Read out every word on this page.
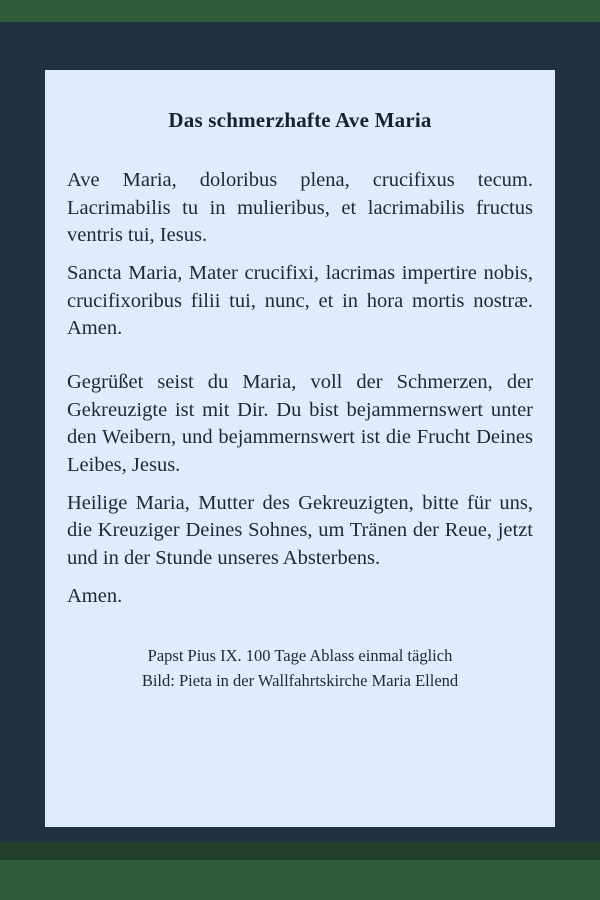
Das schmerzhafte Ave Maria

Ave Maria, doloribus plena, crucifixus tecum. Lacrimabilis tu in mulieribus, et lacrimabilis fructus ventris tui, Iesus.

Sancta Maria, Mater crucifixi, lacrimas impertire nobis, crucifixoribus filii tui, nunc, et in hora mortis nostræ. Amen.

Gegrüßet seist du Maria, voll der Schmerzen, der Gekreuzigte ist mit Dir. Du bist bejammernswert unter den Weibern, und bejammernswert ist die Frucht Deines Leibes, Jesus.

Heilige Maria, Mutter des Gekreuzigten, bitte für uns, die Kreuziger Deines Sohnes, um Tränen der Reue, jetzt und in der Stunde unseres Absterbens.

Amen.

Papst Pius IX. 100 Tage Ablass einmal täglich
Bild: Pieta in der Wallfahrtskirche Maria Ellend
